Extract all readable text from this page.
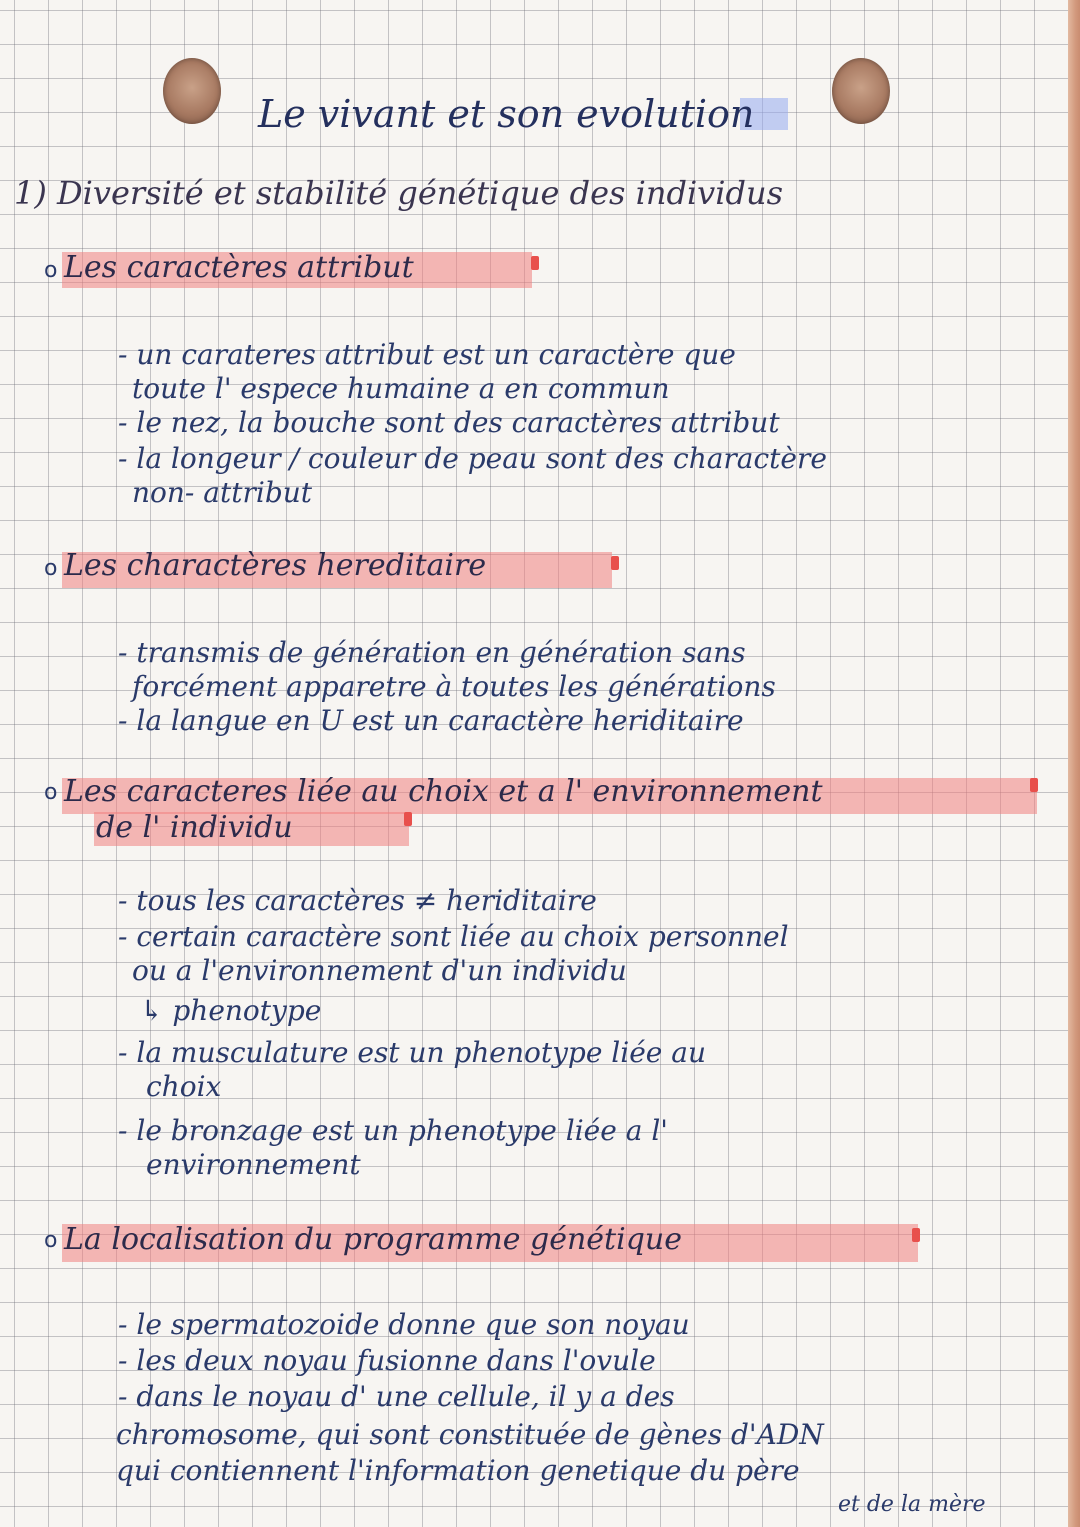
Le vivant et son evolution

1) Diversité et stabilité génétique des individus

o Les caractères attribut

- un carateres attribut est un caractère que

toute l' espece humaine a en commun

- le nez, la bouche sont des caractères attribut

- la longeur / couleur de peau sont des charactère

non- attribut

o Les charactères hereditaire

- transmis de génération en génération sans

forcément apparetre à toutes les générations

- la langue en U est un caractère heriditaire

o Les caracteres liée au choix et a l' environnement

de l' individu

- tous les caractères ≠ heriditaire

- certain caractère sont liée au choix personnel

ou a l'environnement d'un individu

↳ phenotype

- la musculature est un phenotype liée au

choix

- le bronzage est un phenotype liée a l'

environnement

o La localisation du programme génétique

- le spermatozoide donne que son noyau

- les deux noyau fusionne dans l'ovule

- dans le noyau d' une cellule, il y a des

chromosome, qui sont constituée de gènes d'ADN

qui contiennent l'information genetique du père

et de la mère
